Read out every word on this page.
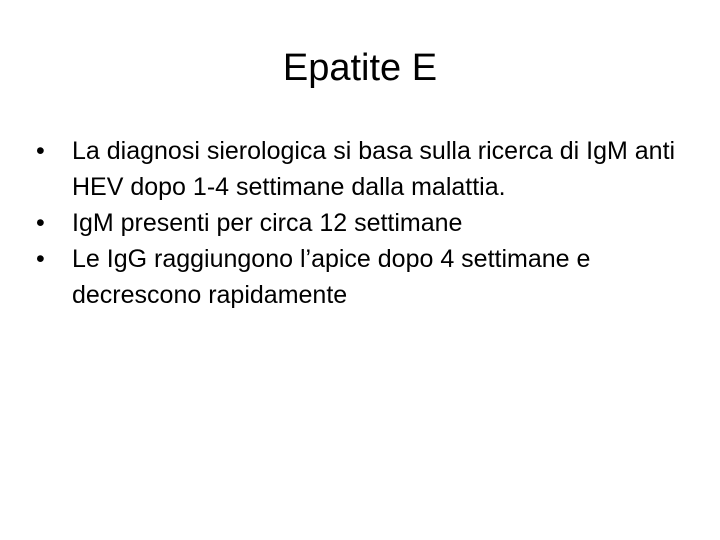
Epatite E
•	La diagnosi sierologica si basa sulla ricerca di IgM anti HEV dopo 1-4 settimane dalla malattia.
•	IgM presenti per circa 12 settimane
•	Le IgG raggiungono l’apice dopo 4 settimane e decrescono rapidamente
